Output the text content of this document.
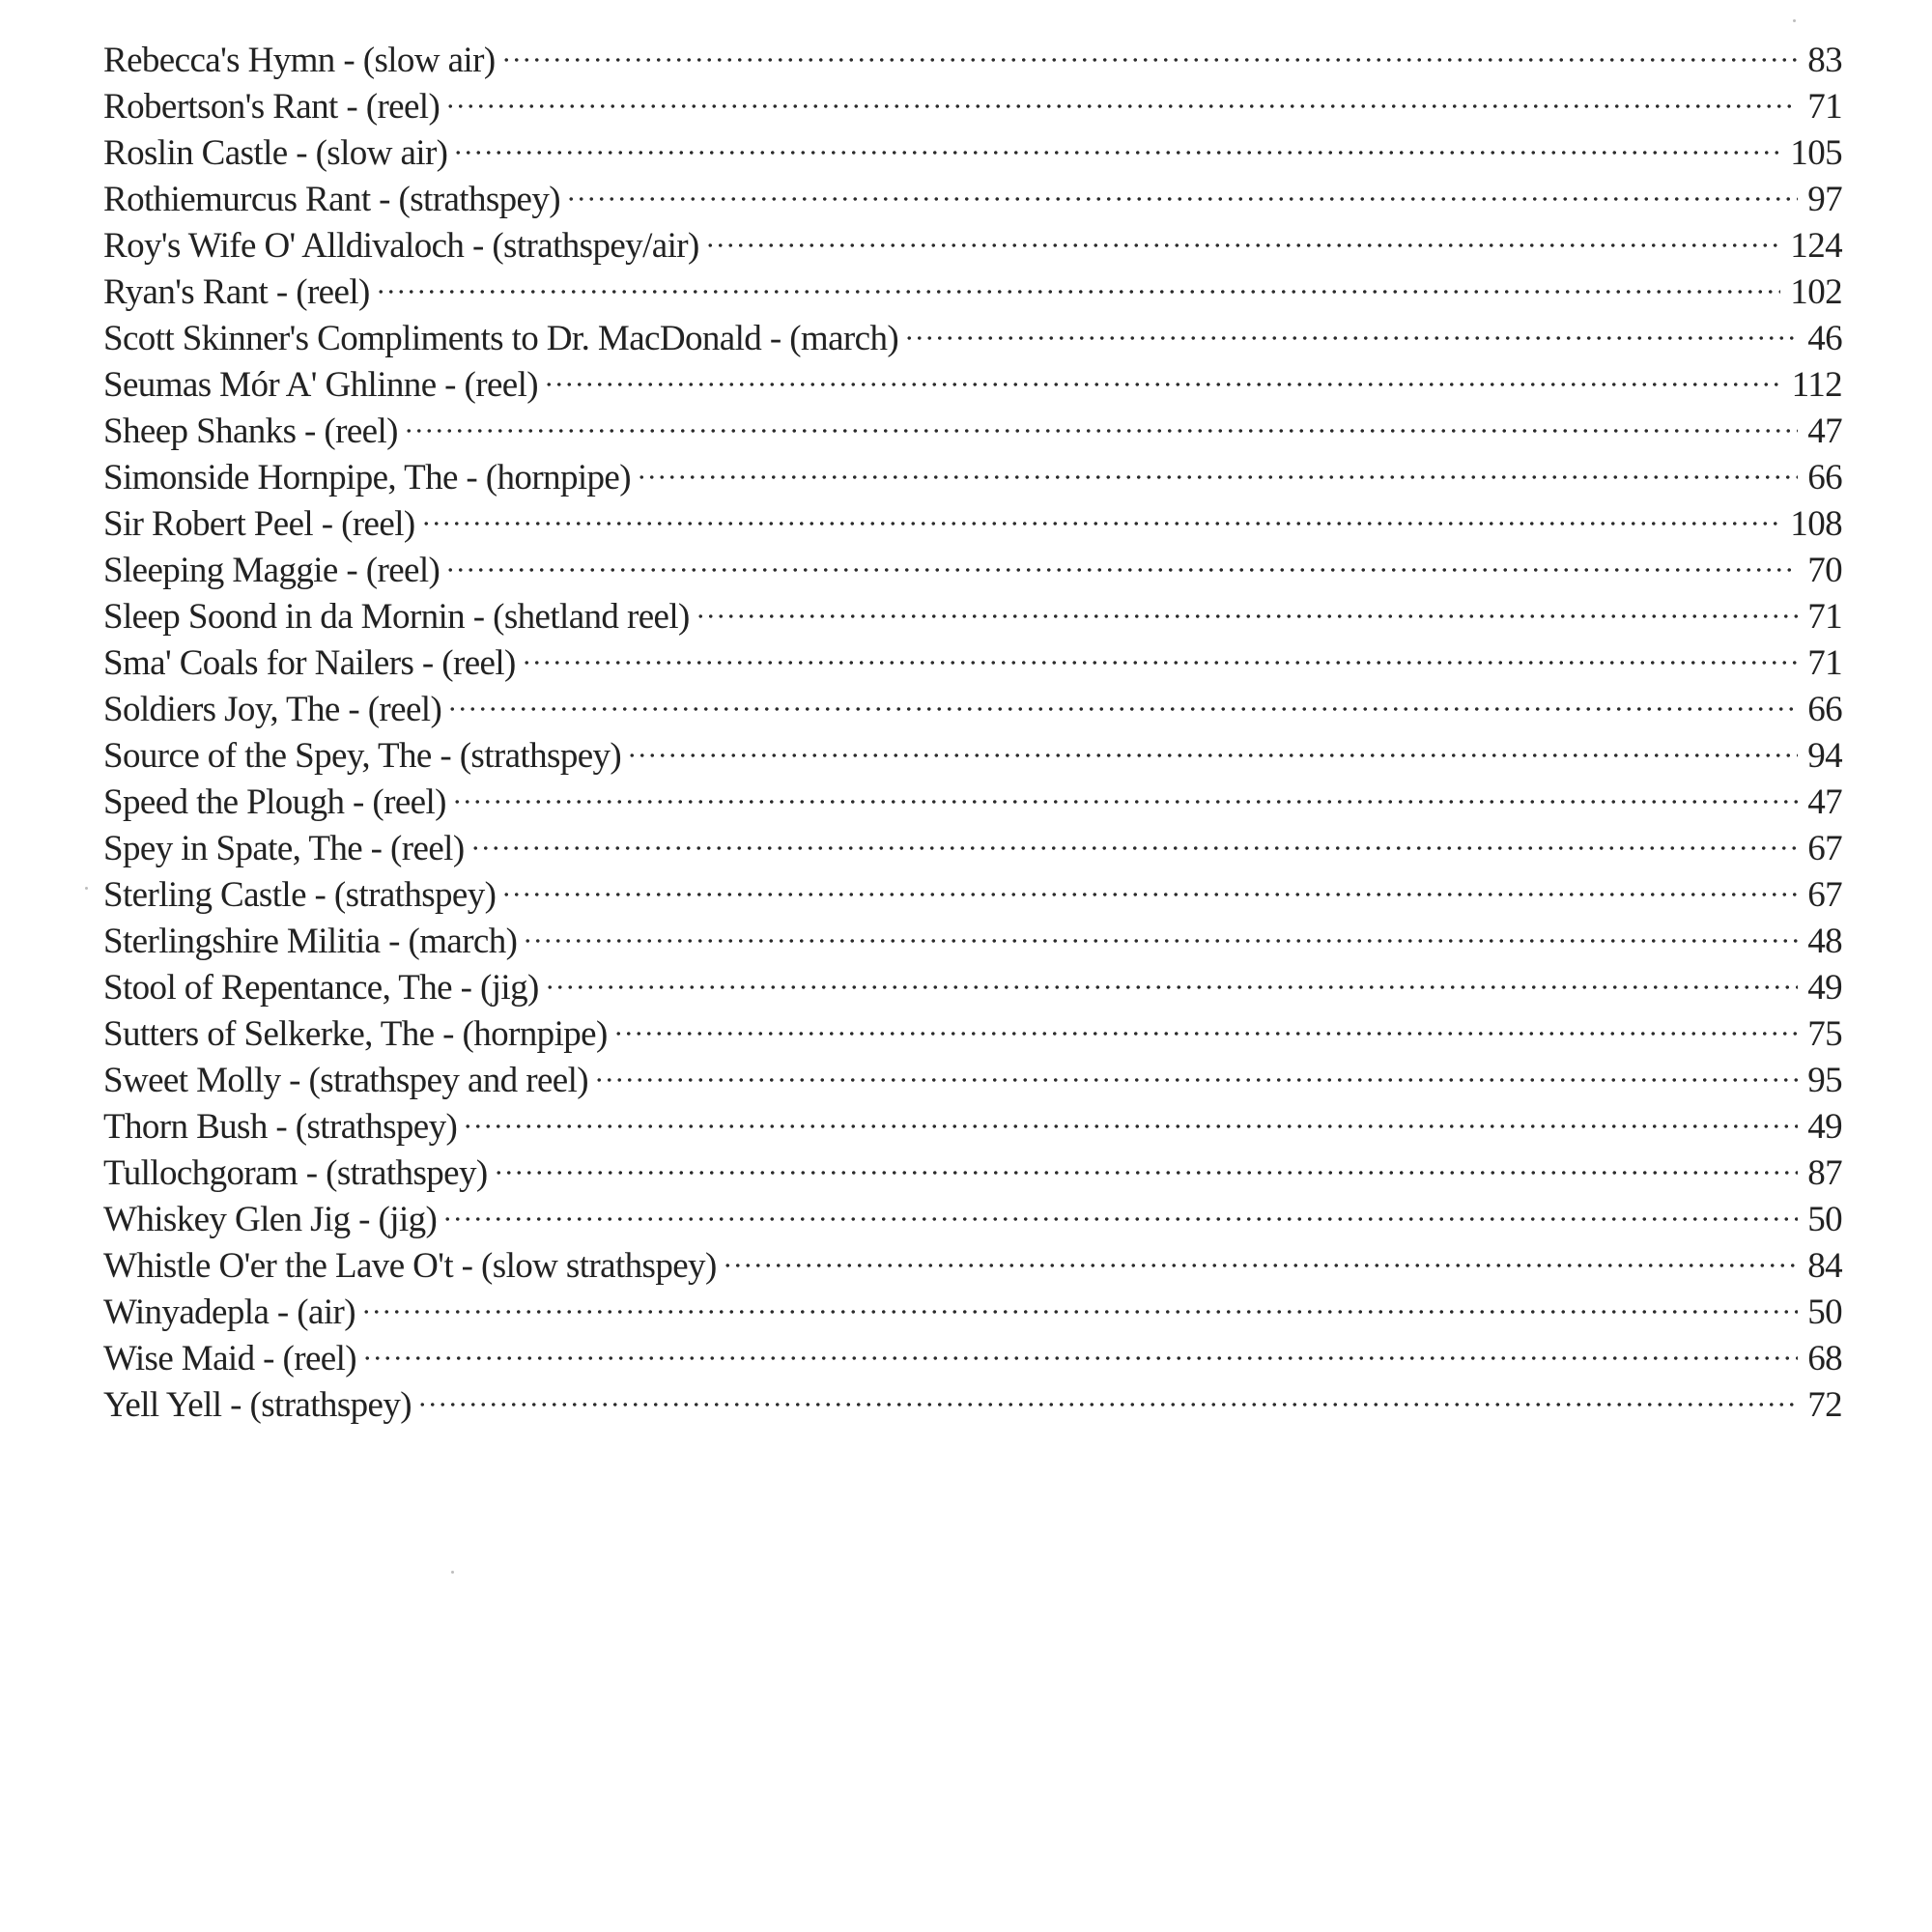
Rebecca's Hymn - (slow air)	83
Robertson's Rant - (reel)	71
Roslin Castle - (slow air)	105
Rothiemurcus Rant - (strathspey)	97
Roy's Wife O' Alldivaloch - (strathspey/air)	124
Ryan's Rant - (reel)	102
Scott Skinner's Compliments to Dr. MacDonald - (march)	46
Seumas Mór A' Ghlinne - (reel)	112
Sheep Shanks - (reel)	47
Simonside Hornpipe, The - (hornpipe)	66
Sir Robert Peel - (reel)	108
Sleeping Maggie - (reel)	70
Sleep Soond in da Mornin - (shetland reel)	71
Sma' Coals for Nailers - (reel)	71
Soldiers Joy, The - (reel)	66
Source of the Spey, The - (strathspey)	94
Speed the Plough - (reel)	47
Spey in Spate, The - (reel)	67
Sterling Castle - (strathspey)	67
Sterlingshire Militia - (march)	48
Stool of Repentance, The - (jig)	49
Sutters of Selkerke, The - (hornpipe)	75
Sweet Molly - (strathspey and reel)	95
Thorn Bush - (strathspey)	49
Tullochgoram - (strathspey)	87
Whiskey Glen Jig - (jig)	50
Whistle O'er the Lave O't - (slow strathspey)	84
Winyadepla - (air)	50
Wise Maid - (reel)	68
Yell Yell - (strathspey)	72
